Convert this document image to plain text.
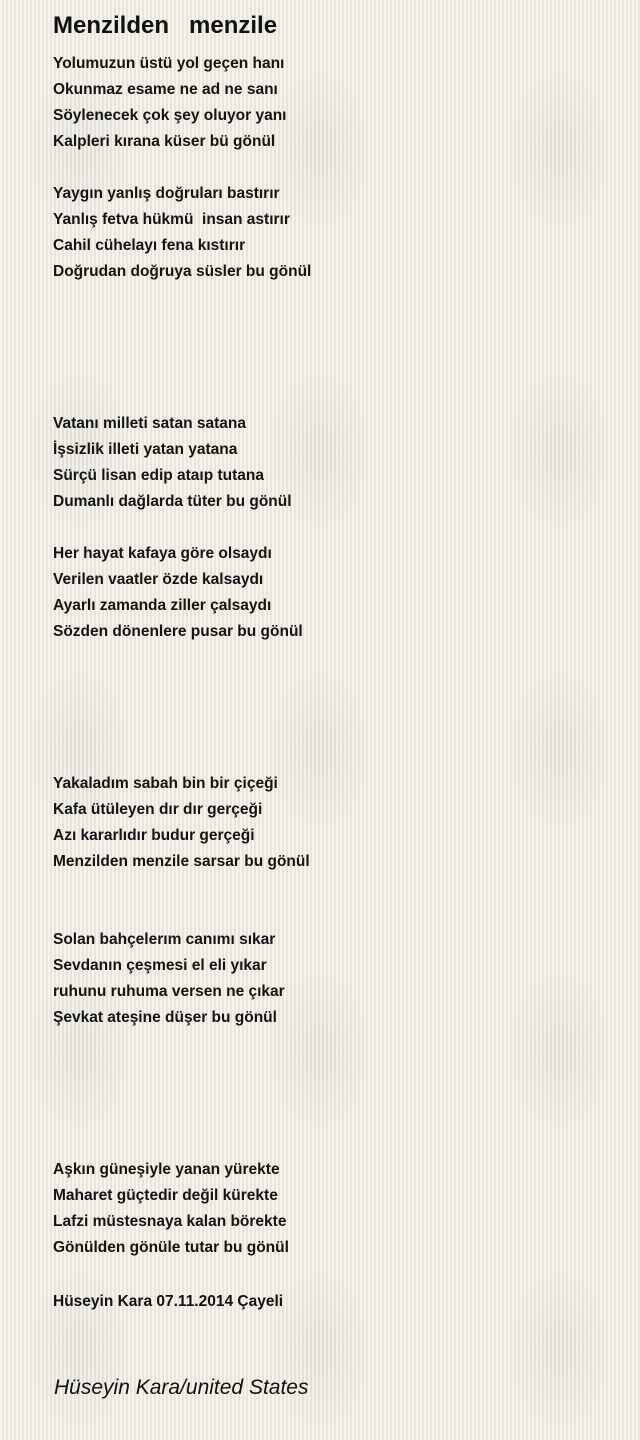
Menzilden   menzile
Yolumuzun üstü yol geçen hanı
Okunmaz esame ne ad ne sanı
Söylenecek çok şey oluyor yanı
Kalpleri kırana küser bü gönül
Yaygın yanlış doğruları bastırır
Yanlış fetva hükmü  insan astırır
Cahil cühelayı fena kıstırır
Doğrudan doğruya süsler bu gönül
Vatanı milleti satan satana
İşsizlik illeti yatan yatana
Sürçü lisan edip ataıp tutana
Dumanlı dağlarda tüter bu gönül
Her hayat kafaya göre olsaydı
Verilen vaatler özde kalsaydı
Ayarlı zamanda ziller çalsaydı
Sözden dönenlere pusar bu gönül
Yakaladım sabah bin bir çiçeği
Kafa ütüleyen dır dır gerçeği
Azı kararlıdır budur gerçeği
Menzilden menzile sarsar bu gönül
Solan bahçelerım canımı sıkar
Sevdanın çeşmesi el eli yıkar
ruhunu ruhuma versen ne çıkar
Şevkat ateşine düşer bu gönül
Aşkın güneşiyle yanan yürekte
Maharet güçtedir değil kürekte
Lafzi müstesnaya kalan börekte
Gönülden gönüle tutar bu gönül
Hüseyin Kara 07.11.2014 Çayeli
Hüseyin Kara/united States
